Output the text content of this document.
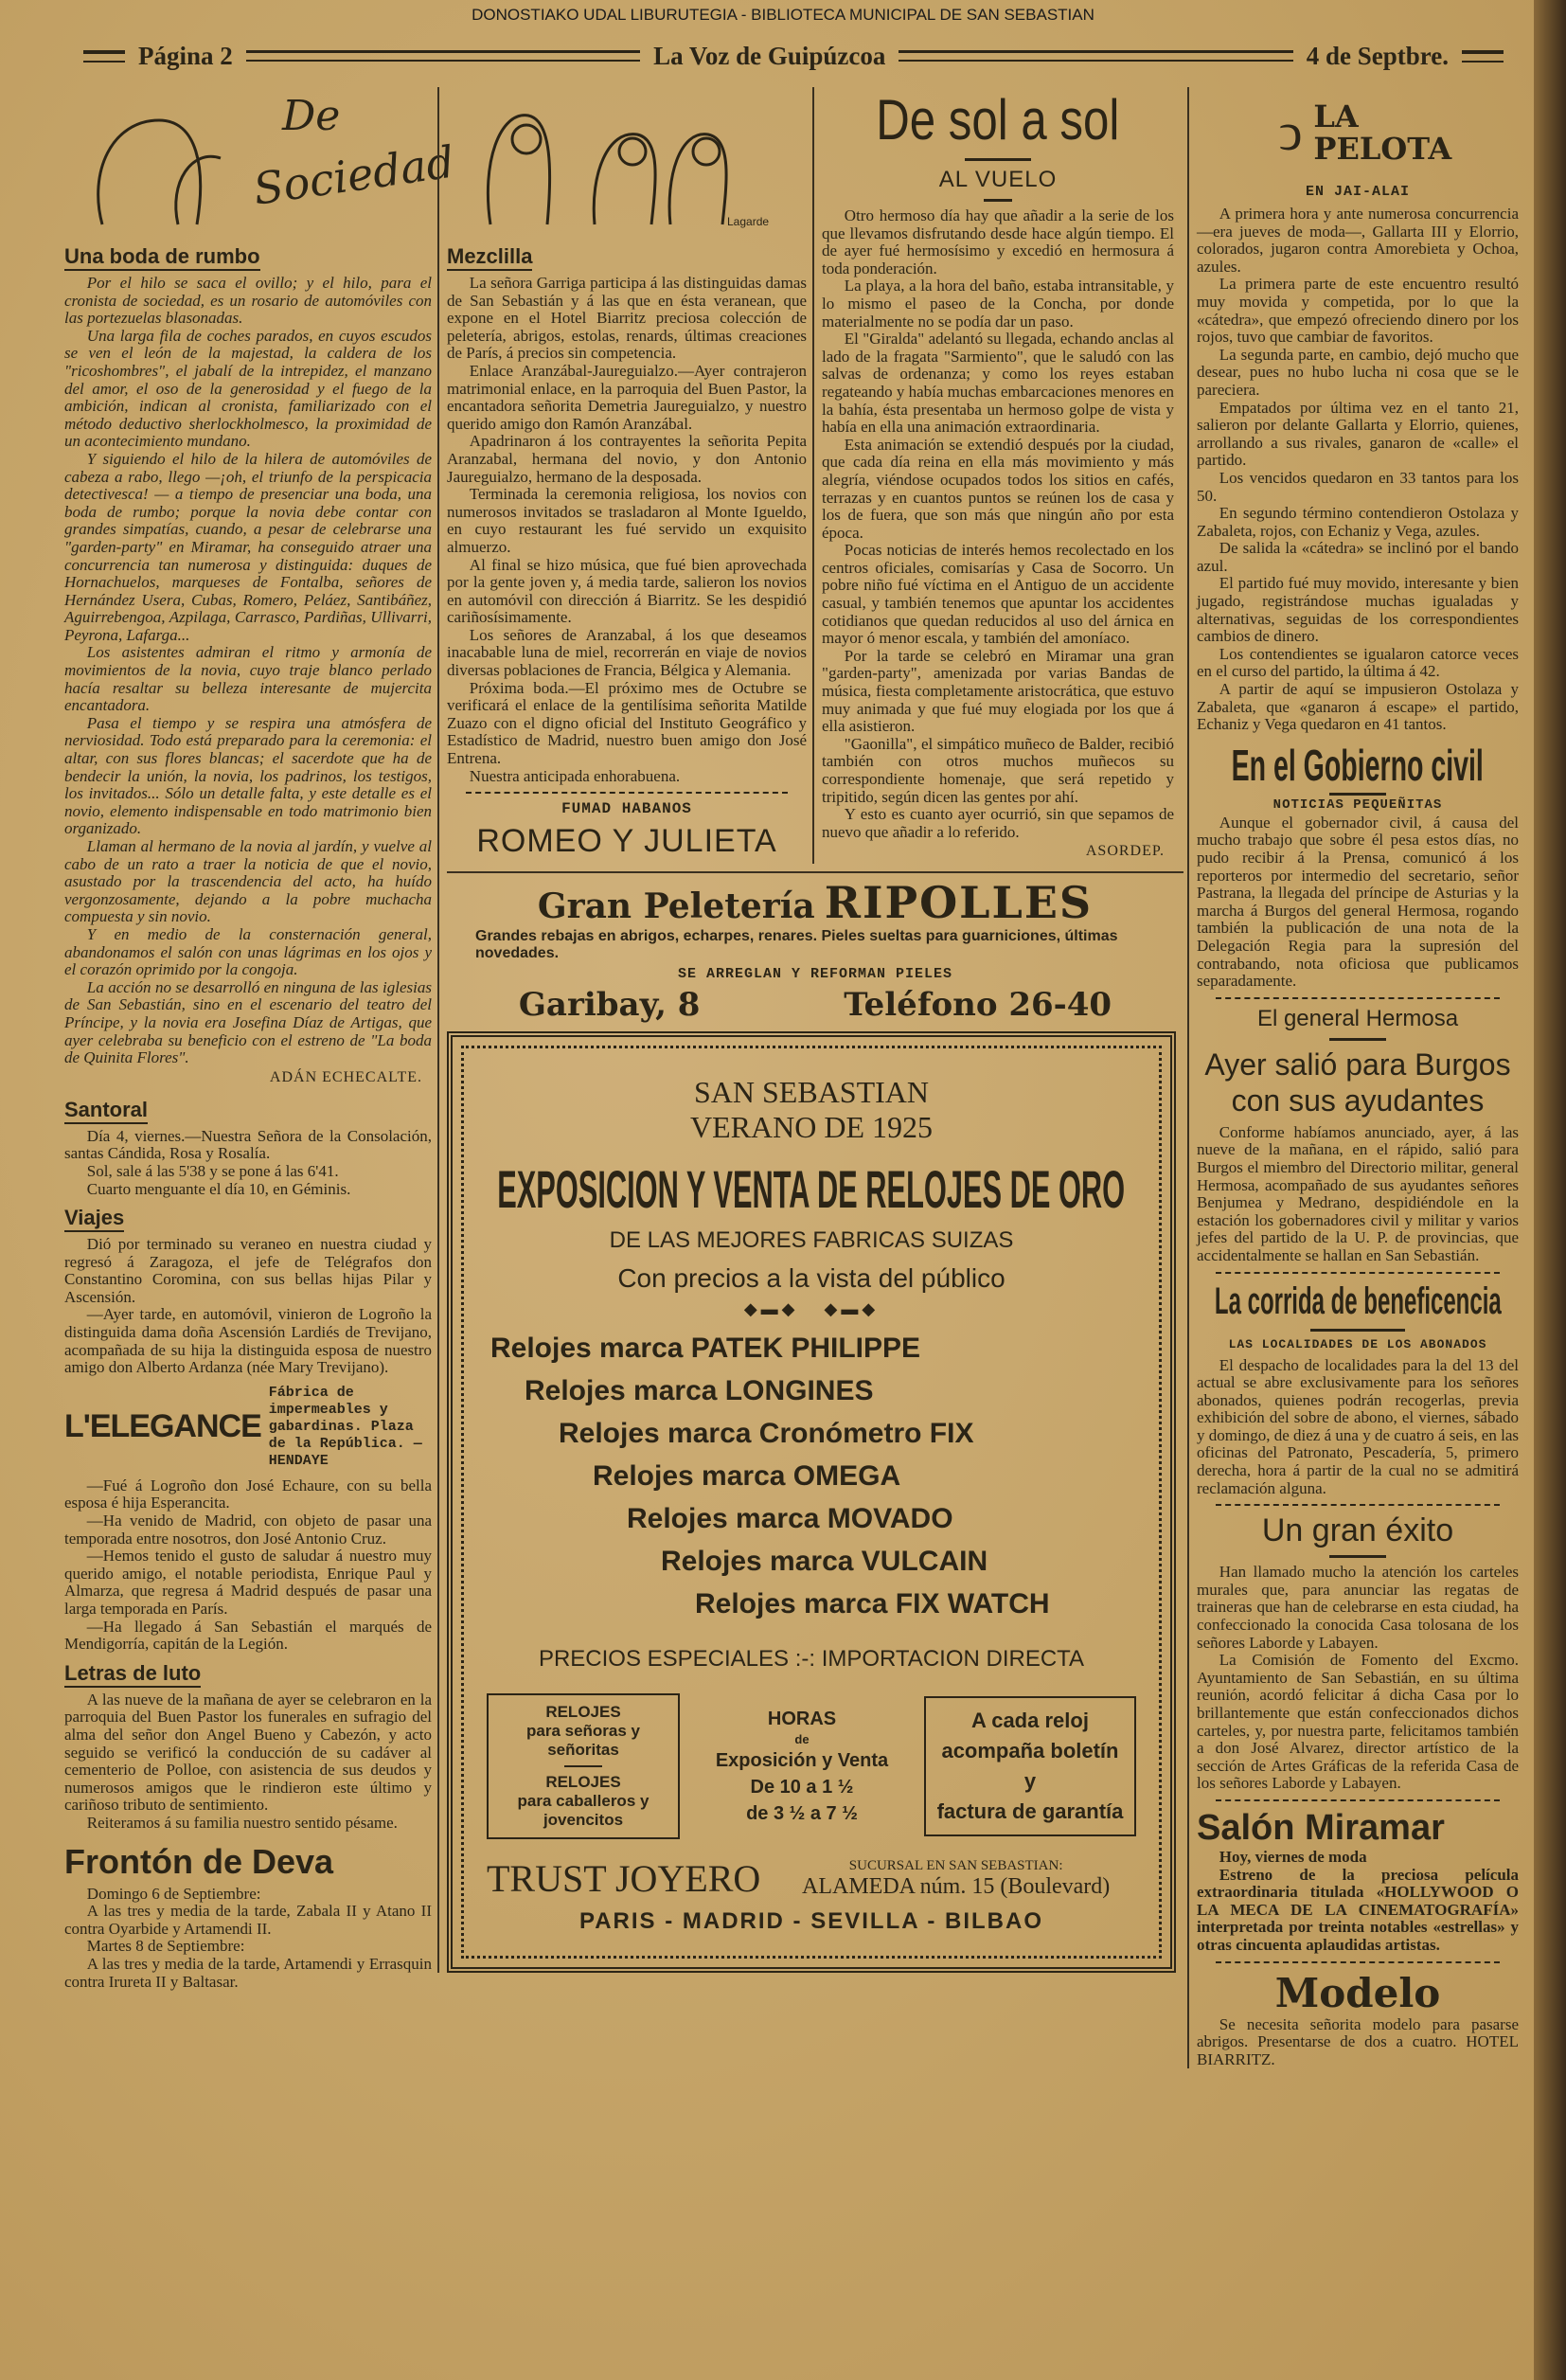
DONOSTIAKO UDAL LIBURUTEGIA - BIBLIOTECA MUNICIPAL DE SAN SEBASTIAN
Página 2	La Voz de Guipúzcoa	4 de Septbre.
De
Sociedad
Lagarde
Una boda de rumbo

Por el hilo se saca el ovillo; y el hilo, para el cronista de sociedad, es un rosario de automóviles con las portezuelas blasonadas.

Una larga fila de coches parados, en cuyos escudos se ven el león de la majestad, la caldera de los "ricoshombres", el jabalí de la intrepidez, el manzano del amor, el oso de la generosidad y el fuego de la ambición, indican al cronista, familiarizado con el método deductivo sherlockholmesco, la proximidad de un acontecimiento mundano.

Y siguiendo el hilo de la hilera de automóviles de cabeza a rabo, llego —¡oh, el triunfo de la perspicacia detectivesca! — a tiempo de presenciar una boda, una boda de rumbo; porque la novia debe contar con grandes simpatías, cuando, a pesar de celebrarse una "garden-party" en Miramar, ha conseguido atraer una concurrencia tan numerosa y distinguida: duques de Hornachuelos, marqueses de Fontalba, señores de Hernández Usera, Cubas, Romero, Peláez, Santibáñez, Aguirrebengoa, Azpilaga, Carrasco, Pardiñas, Ullivarri, Peyrona, Lafarga...

Los asistentes admiran el ritmo y armonía de movimientos de la novia, cuyo traje blanco perlado hacía resaltar su belleza interesante de mujercita encantadora.

Pasa el tiempo y se respira una atmósfera de nerviosidad. Todo está preparado para la ceremonia: el altar, con sus flores blancas; el sacerdote que ha de bendecir la unión, la novia, los padrinos, los testigos, los invitados... Sólo un detalle falta, y este detalle es el novio, elemento indispensable en todo matrimonio bien organizado.

Llaman al hermano de la novia al jardín, y vuelve al cabo de un rato a traer la noticia de que el novio, asustado por la trascendencia del acto, ha huído vergonzosamente, dejando a la pobre muchacha compuesta y sin novio.

Y en medio de la consternación general, abandonamos el salón con unas lágrimas en los ojos y el corazón oprimido por la congoja.

La acción no se desarrolló en ninguna de las iglesias de San Sebastián, sino en el escenario del teatro del Príncipe, y la novia era Josefina Díaz de Artigas, que ayer celebraba su beneficio con el estreno de "La boda de Quinita Flores".

ADÁN ECHECALTE.
Santoral

Día 4, viernes.—Nuestra Señora de la Consolación, santas Cándida, Rosa y Rosalía.

Sol, sale á las 5'38 y se pone á las 6'41.

Cuarto menguante el día 10, en Géminis.

Viajes

Dió por terminado su veraneo en nuestra ciudad y regresó á Zaragoza, el jefe de Telégrafos don Constantino Coromina, con sus bellas hijas Pilar y Ascensión.

—Ayer tarde, en automóvil, vinieron de Logroño la distinguida dama doña Ascensión Lardiés de Trevijano, acompañada de su hija la distinguida esposa de nuestro amigo don Alberto Ardanza (née Mary Trevijano).

L'ELEGANCE
Fábrica de impermeables y gabardinas. Plaza de la República. — HENDAYE

—Fué á Logroño don José Echaure, con su bella esposa é hija Esperancita.

—Ha venido de Madrid, con objeto de pasar una temporada entre nosotros, don José Antonio Cruz.

—Hemos tenido el gusto de saludar á nuestro muy querido amigo, el notable periodista, Enrique Paul y Almarza, que regresa á Madrid después de pasar una larga temporada en París.

—Ha llegado á San Sebastián el marqués de Mendigorría, capitán de la Legión.

Letras de luto

A las nueve de la mañana de ayer se celebraron en la parroquia del Buen Pastor los funerales en sufragio del alma del señor don Angel Bueno y Cabezón, y acto seguido se verificó la conducción de su cadáver al cementerio de Polloe, con asistencia de sus deudos y numerosos amigos que le rindieron este último y cariñoso tributo de sentimiento.

Reiteramos á su familia nuestro sentido pésame.

Frontón de Deva

Domingo 6 de Septiembre:

A las tres y media de la tarde, Zabala II y Atano II contra Oyarbide y Artamendi II.

Martes 8 de Septiembre:

A las tres y media de la tarde, Artamendi y Errasquin contra Irureta II y Baltasar.

Mezclilla

La señora Garriga participa á las distinguidas damas de San Sebastián y á las que en ésta veranean, que expone en el Hotel Biarritz preciosa colección de peletería, abrigos, estolas, renards, últimas creaciones de París, á precios sin competencia.

Enlace Aranzábal-Jaureguialzo.—Ayer contrajeron matrimonial enlace, en la parroquia del Buen Pastor, la encantadora señorita Demetria Jaureguialzo, y nuestro querido amigo don Ramón Aranzábal.

Apadrinaron á los contrayentes la señorita Pepita Aranzabal, hermana del novio, y don Antonio Jaureguialzo, hermano de la desposada.

Terminada la ceremonia religiosa, los novios con numerosos invitados se trasladaron al Monte Igueldo, en cuyo restaurant les fué servido un exquisito almuerzo.

Al final se hizo música, que fué bien aprovechada por la gente joven y, á media tarde, salieron los novios en automóvil con dirección á Biarritz. Se les despidió cariñosísimamente.

Los señores de Aranzabal, á los que deseamos inacabable luna de miel, recorrerán en viaje de novios diversas poblaciones de Francia, Bélgica y Alemania.

Próxima boda.—El próximo mes de Octubre se verificará el enlace de la gentilísima señorita Matilde Zuazo con el digno oficial del Instituto Geográfico y Estadístico de Madrid, nuestro buen amigo don José Entrena.

Nuestra anticipada enhorabuena.

FUMAD HABANOS
ROMEO Y JULIETA
De sol a sol
AL VUELO

Otro hermoso día hay que añadir a la serie de los que llevamos disfrutando desde hace algún tiempo. El de ayer fué hermosísimo y excedió en hermosura á toda ponderación.

La playa, a la hora del baño, estaba intransitable, y lo mismo el paseo de la Concha, por donde materialmente no se podía dar un paso.

El "Giralda" adelantó su llegada, echando anclas al lado de la fragata "Sarmiento", que le saludó con las salvas de ordenanza; y como los reyes estaban regateando y había muchas embarcaciones menores en la bahía, ésta presentaba un hermoso golpe de vista y había en ella una animación extraordinaria.

Esta animación se extendió después por la ciudad, que cada día reina en ella más movimiento y más alegría, viéndose ocupados todos los sitios en cafés, terrazas y en cuantos puntos se reúnen los de casa y los de fuera, que son más que ningún año por esta época.

Pocas noticias de interés hemos recolectado en los centros oficiales, comisarías y Casa de Socorro. Un pobre niño fué víctima en el Antiguo de un accidente casual, y también tenemos que apuntar los accidentes cotidianos que quedan reducidos al uso del árnica en mayor ó menor escala, y también del amoníaco.

Por la tarde se celebró en Miramar una gran "garden-party", amenizada por varias Bandas de música, fiesta completamente aristocrática, que estuvo muy animada y que fué muy elogiada por los que á ella asistieron.

"Gaonilla", el simpático muñeco de Balder, recibió también con otros muchos muñecos su correspondiente homenaje, que será repetido y tripitido, según dicen las gentes por ahí.

Y esto es cuanto ayer ocurrió, sin que sepamos de nuevo que añadir a lo referido.

ASORDEP.
Gran Peletería RIPOLLES
Grandes rebajas en abrigos, echarpes, renares. Pieles sueltas para guarniciones, últimas novedades.
SE ARREGLAN Y REFORMAN PIELES
Garibay, 8	Teléfono 26-40
SAN SEBASTIAN
VERANO DE 1925
EXPOSICION Y VENTA DE RELOJES DE ORO
DE LAS MEJORES FABRICAS SUIZAS
Con precios a la vista del público
◆▬◆   ◆▬◆
Relojes marca PATEK PHILIPPE
Relojes marca LONGINES
Relojes marca Cronómetro FIX
Relojes marca OMEGA
Relojes marca MOVADO
Relojes marca VULCAIN
Relojes marca FIX WATCH
PRECIOS ESPECIALES :-: IMPORTACION DIRECTA
RELOJES
para señoras y señoritas
RELOJES
para caballeros y jovencitos
HORAS
de
Exposición y Venta
De 10 a 1 ½
de 3 ½ a 7 ½
A cada reloj
acompaña boletín
y
factura de garantía
TRUST JOYERO	SUCURSAL EN SAN SEBASTIAN:
ALAMEDA núm. 15 (Boulevard)
PARIS - MADRID - SEVILLA - BILBAO
ↄ LA PELOTA
EN JAI-ALAI

A primera hora y ante numerosa concurrencia—era jueves de moda—, Gallarta III y Elorrio, colorados, jugaron contra Amorebieta y Ochoa, azules.

La primera parte de este encuentro resultó muy movida y competida, por lo que la «cátedra», que empezó ofreciendo dinero por los rojos, tuvo que cambiar de favoritos.

La segunda parte, en cambio, dejó mucho que desear, pues no hubo lucha ni cosa que se le pareciera.

Empatados por última vez en el tanto 21, salieron por delante Gallarta y Elorrio, quienes, arrollando a sus rivales, ganaron de «calle» el partido.

Los vencidos quedaron en 33 tantos para los 50.

En segundo término contendieron Ostolaza y Zabaleta, rojos, con Echaniz y Vega, azules.

De salida la «cátedra» se inclinó por el bando azul.

El partido fué muy movido, interesante y bien jugado, registrándose muchas igualadas y alternativas, seguidas de los correspondientes cambios de dinero.

Los contendientes se igualaron catorce veces en el curso del partido, la última á 42.

A partir de aquí se impusieron Ostolaza y Zabaleta, que «ganaron á escape» el partido, Echaniz y Vega quedaron en 41 tantos.

En el Gobierno civil
NOTICIAS PEQUEÑITAS

Aunque el gobernador civil, á causa del mucho trabajo que sobre él pesa estos días, no pudo recibir á la Prensa, comunicó á los reporteros por intermedio del secretario, señor Pastrana, la llegada del príncipe de Asturias y la marcha á Burgos del general Hermosa, rogando también la publicación de una nota de la Delegación Regia para la supresión del contrabando, nota oficiosa que publicamos separadamente.

El general Hermosa
Ayer salió para Burgos con sus ayudantes

Conforme habíamos anunciado, ayer, á las nueve de la mañana, en el rápido, salió para Burgos el miembro del Directorio militar, general Hermosa, acompañado de sus ayudantes señores Benjumea y Medrano, despidiéndole en la estación los gobernadores civil y militar y varios jefes del partido de la U. P. de provincias, que accidentalmente se hallan en San Sebastián.

La corrida de beneficencia
LAS LOCALIDADES DE LOS ABONADOS

El despacho de localidades para la del 13 del actual se abre exclusivamente para los señores abonados, quienes podrán recogerlas, previa exhibición del sobre de abono, el viernes, sábado y domingo, de diez á una y de cuatro á seis, en las oficinas del Patronato, Pescadería, 5, primero derecha, hora á partir de la cual no se admitirá reclamación alguna.

Un gran éxito

Han llamado mucho la atención los carteles murales que, para anunciar las regatas de traineras que han de celebrarse en esta ciudad, ha confeccionado la conocida Casa tolosana de los señores Laborde y Labayen.

La Comisión de Fomento del Excmo. Ayuntamiento de San Sebastián, en su última reunión, acordó felicitar á dicha Casa por lo brillantemente que están confeccionados dichos carteles, y, por nuestra parte, felicitamos también a don José Alvarez, director artístico de la sección de Artes Gráficas de la referida Casa de los señores Laborde y Labayen.

Salón Miramar

Hoy, viernes de moda

Estreno de la preciosa película extraordinaria titulada «HOLLYWOOD O LA MECA DE LA CINEMATOGRAFÍA» interpretada por treinta notables «estrellas» y otras cincuenta aplaudidas artistas.

Modelo

Se necesita señorita modelo para pasarse abrigos. Presentarse de dos a cuatro. HOTEL BIARRITZ.
